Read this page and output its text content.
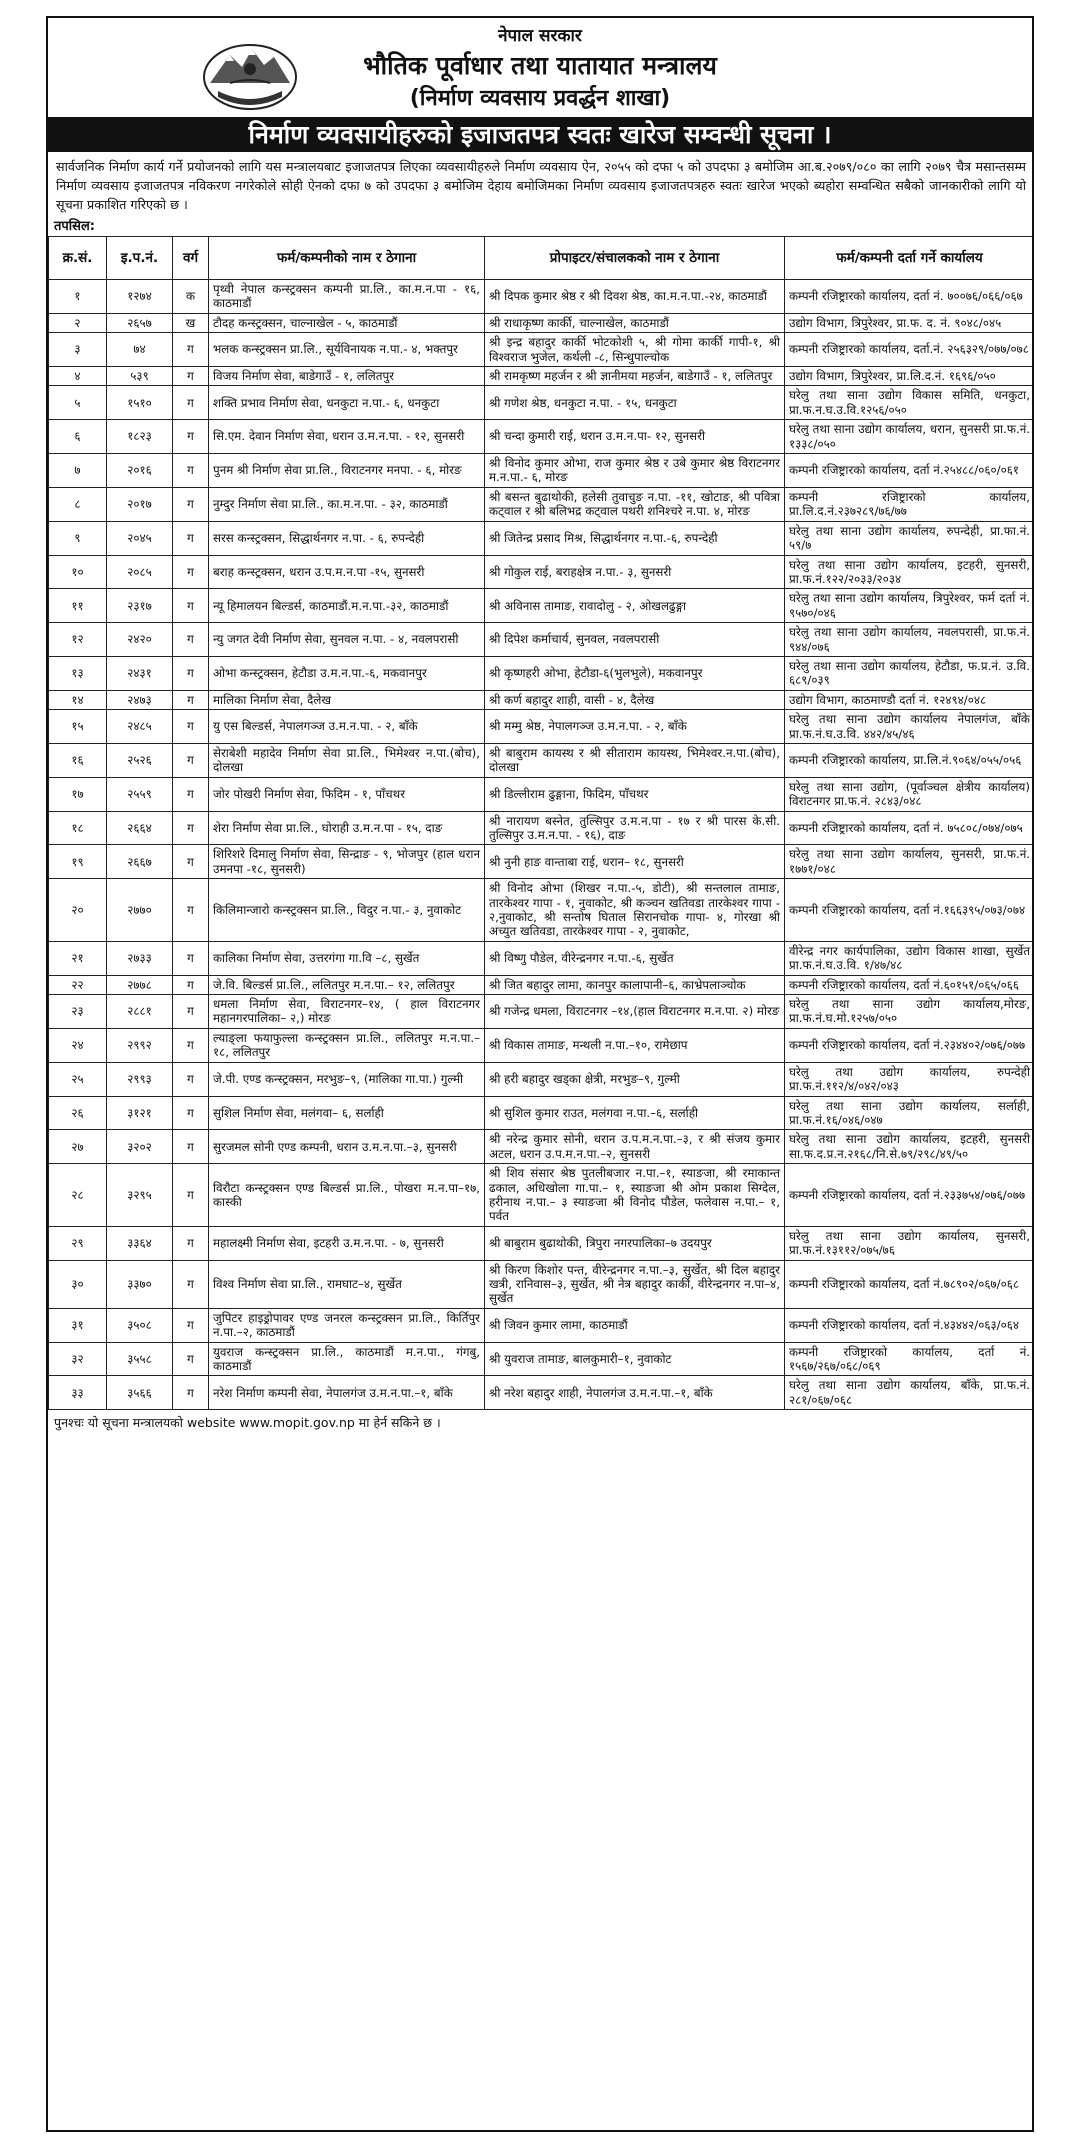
नेपाल सरकार
भौतिक पूर्वाधार तथा यातायात मन्त्रालय
(निर्माण व्यवसाय प्रवर्द्धन शाखा)
निर्माण व्यवसायीहरुको इजाजतपत्र स्वतः खारेज सम्वन्धी सूचना ।
सार्वजनिक निर्माण कार्य गर्ने प्रयोजनको लागि यस मन्त्रालयबाट इजाजतपत्र लिएका व्यवसायीहरुले निर्माण व्यवसाय ऐन, २०५५ को दफा ५ को उपदफा ३ बमोजिम आ.ब.२०७९/०८० का लागि २०७९ चैत्र मसान्तसम्म निर्माण व्यवसाय इजाजतपत्र नविकरण नगरेकोले सोही ऐनको दफा ७ को उपदफा ३ बमोजिम देहाय बमोजिमका निर्माण व्यवसाय इजाजतपत्रहरु स्वतः खारेज भएको ब्यहोरा सम्वन्धित सबैको जानकारीको लागि यो सूचना प्रकाशित गरिएको छ ।
तपसिल:
क्र.सं.	इ.प.नं.	वर्ग	फर्म/कम्पनीको नाम र ठेगाना	प्रोपाइटर/संचालकको नाम र ठेगाना	फर्म/कम्पनी दर्ता गर्ने कार्यालय
१	१२७४	क	पृथ्वी नेपाल कन्स्ट्रक्सन कम्पनी प्रा.लि., का.म.न.पा - १६, काठमाडौं	श्री दिपक कुमार श्रेष्ठ र श्री दिवश श्रेष्ठ, का.म.न.पा.-२४, काठमाडौं	कम्पनी रजिष्ट्रारको कार्यालय, दर्ता नं. ७००७६/०६६/०६७
२	२६५७	ख	टौदह कन्स्ट्रक्सन, चाल्नाखेल - ५, काठमाडौं	श्री राधाकृष्ण कार्की, चाल्नाखेल, काठमाडौं	उद्योग विभाग, त्रिपुरेश्वर, प्रा.फ. द. नं. ९०४८/०४५
३	७४	ग	भलक कन्स्ट्रक्सन प्रा.लि., सूर्यविनायक न.पा.- ४, भक्तपुर	श्री इन्द्र बहादुर कार्की भोटकोशी ५, श्री गोमा कार्की गापी-१, श्री विश्वराज भुजेल, कर्थली -८, सिन्धुपाल्चोक	कम्पनी रजिष्ट्रारको कार्यालय, दर्ता.नं. २५६३२९/०७७/०७८
४	५३९	ग	विजय निर्माण सेवा, बाडेगाउँ - १, ललितपुर	श्री रामकृष्ण महर्जन र श्री ज्ञानीमया महर्जन, बाडेगाउँ - १, ललितपुर	उद्योग विभाग, त्रिपुरेश्वर, प्रा.लि.द.नं. १६९६/०५०
५	१५१०	ग	शक्ति प्रभाव निर्माण सेवा, धनकुटा न.पा.- ६, धनकुटा	श्री गणेश श्रेष्ठ, धनकुटा न.पा. - १५, धनकुटा	घरेलु तथा साना उद्योग विकास समिति, धनकुटा, प्रा.फ.न.घ.उ.वि.१२५६/०५०
६	१८२३	ग	सि.एम. देवान निर्माण सेवा, धरान उ.म.न.पा. - १२, सुनसरी	श्री चन्दा कुमारी राई, धरान उ.म.न.पा- १२, सुनसरी	घरेलु तथा साना उद्योग कार्यालय, धरान, सुनसरी प्रा.फ.नं. १३३८/०५०
७	२०१६	ग	पुनम श्री निर्माण सेवा प्रा.लि., विराटनगर मनपा. - ६, मोरङ	श्री विनोद कुमार ओभा, राज कुमार श्रेष्ठ र उबे कुमार श्रेष्ठ विराटनगर म.न.पा.- ६, मोरङ	कम्पनी रजिष्ट्रारको कार्यालय, दर्ता नं.२५४८८/०६०/०६१
८	२०१७	ग	नुम्दुर निर्माण सेवा प्रा.लि., का.म.न.पा. - ३२, काठमाडौं	श्री बसन्त बुढाथोकी, हलेसी तुवाचुङ न.पा. -११, खोटाङ, श्री पवित्रा कट्वाल र श्री बलिभद्र कट्वाल पथरी शनिश्चरे न.पा. ४, मोरङ	कम्पनी रजिष्ट्रारको कार्यालय, प्रा.लि.द.नं.२३७२८९/७६/७७
९	२०४५	ग	सरस कन्स्ट्रक्सन, सिद्धार्थनगर न.पा. - ६, रुपन्देही	श्री जितेन्द्र प्रसाद मिश्र, सिद्धार्थनगर न.पा.-६, रुपन्देही	घरेलु तथा साना उद्योग कार्यालय, रुपन्देही, प्रा.फा.नं. ५९/७
१०	२०८५	ग	बराह कन्स्ट्रक्सन, धरान उ.प.म.न.पा -१५, सुनसरी	श्री गोकुल राई, बराहक्षेत्र न.पा.- ३, सुनसरी	घरेलु तथा साना उद्योग कार्यालय, इटहरी, सुनसरी, प्रा.फ.नं.१२२/२०३३/२०३४
११	२३१७	ग	न्यू हिमालयन बिल्डर्स, काठमाडौं.म.न.पा.-३२, काठमाडौं	श्री अविनास तामाङ, रावादोलु - २, ओखलढुङ्गा	घरेलु तथा साना उद्योग कार्यालय, त्रिपुरेश्वर, फर्म दर्ता नं. ९५७०/०४६
१२	२४२०	ग	न्यु जगत देवी निर्माण सेवा, सुनवल न.पा. - ४, नवलपरासी	श्री दिपेश कर्माचार्य, सुनवल, नवलपरासी	घरेलु तथा साना उद्योग कार्यालय, नवलपरासी, प्रा.फ.नं. ९४४/०७६
१३	२४३१	ग	ओभा कन्स्ट्रक्सन, हेटौडा उ.म.न.पा.-६, मकवानपुर	श्री कृष्णहरी ओभा, हेटौडा-६(भुलभुले), मकवानपुर	घरेलु तथा साना उद्योग कार्यालय, हेटौडा, फ.प्र.नं. उ.वि. ६८९/०३९
१४	२४७३	ग	मालिका निर्माण सेवा, दैलेख	श्री कर्ण बहादुर शाही, वासी - ४, दैलेख	उद्योग विभाग, काठमाण्डौ दर्ता नं. १२४९४/०४८
१५	२४८५	ग	यु एस बिल्डर्स, नेपालगञ्ज उ.म.न.पा. - २, बाँके	श्री मम्मु श्रेष्ठ, नेपालगञ्ज उ.म.न.पा. - २, बाँके	घरेलु तथा साना उद्योग कार्यालय नेपालगंज, बाँके प्रा.फ.नं.घ.उ.वि. ४४२/४५/४६
१६	२५२६	ग	सेराबेशी महादेव निर्माण सेवा प्रा.लि., भिमेश्वर न.पा.(बोच), दोलखा	श्री बाबुराम कायस्थ र श्री सीताराम कायस्थ, भिमेश्वर.न.पा.(बोच), दोलखा	कम्पनी रजिष्ट्रारको कार्यालय, प्रा.लि.नं.९०६४/०५५/०५६
१७	२५५९	ग	जोर पोखरी निर्माण सेवा, फिदिम - १, पाँचथर	श्री डिल्लीराम ढुङ्गाना, फिदिम, पाँचथर	घरेलु तथा साना उद्योग, (पूर्वाञ्चल क्षेत्रीय कार्यालय) विराटनगर प्रा.फ.नं. २८४३/०४८
१८	२६६४	ग	शेरा निर्माण सेवा प्रा.लि., घोराही उ.म.न.पा - १५, दाङ	श्री नारायण बस्नेत, तुल्सिपुर उ.म.न.पा - १७ र श्री पारस के.सी. तुल्सिपुर उ.म.न.पा. - १६), दाङ	कम्पनी रजिष्ट्रारको कार्यालय, दर्ता नं. ७५८०८/०७४/०७५
१९	२६६७	ग	शिरिशरे दिमालु निर्माण सेवा, सिन्द्राङ - ९, भोजपुर (हाल धरान उमनपा -१८, सुनसरी)	श्री नुनी हाङ वान्ताबा राई, धरान– १८, सुनसरी	घरेलु तथा साना उद्योग कार्यालय, सुनसरी, प्रा.फ.नं. १७७१/०४८
२०	२७७०	ग	किलिमान्जारो कन्स्ट्रक्सन प्रा.लि., विदुर न.पा.- ३, नुवाकोट	श्री विनोद ओभा (शिखर न.पा.-५, डोटी), श्री सन्तलाल तामाङ, तारकेश्वर गापा - १, नुवाकोट, श्री कञ्चन खतिवडा तारकेश्वर गापा - २,नुवाकोट, श्री सन्तोष घिताल सिरानचोक गापा- ४, गोरखा श्री अच्युत खतिवडा, तारकेश्वर गापा - २, नुवाकोट,	कम्पनी रजिष्ट्रारको कार्यालय, दर्ता नं.१६६३९५/०७३/०७४
२१	२७३३	ग	कालिका निर्माण सेवा, उत्तरगंगा गा.वि –८, सुर्खेत	श्री विष्णु पौडेल, वीरेन्द्रनगर न.पा.-६, सुर्खेत	वीरेन्द्र नगर कार्यपालिका, उद्योग विकास शाखा, सुर्खेत प्रा.फ.नं.घ.उ.वि. १/४७/४८
२२	२७७८	ग	जे.वि. बिल्डर्स प्रा.लि., ललितपुर म.न.पा.– १२, ललितपुर	श्री जित बहादुर लामा, कानपुर कालापानी–६, काभ्रेपलाञ्चोक	कम्पनी रजिष्ट्रारको कार्यालय, दर्ता नं.६०१५१/०६५/०६६
२३	२८८१	ग	धमला निर्माण सेवा, विराटनगर–१४, ( हाल विराटनगर महानगरपालिका– २,) मोरङ	श्री गजेन्द्र धमला, विराटनगर –१४,(हाल विराटनगर म.न.पा. २) मोरङ	घरेलु तथा साना उद्योग कार्यालय,मोरङ, प्रा.फ.नं.घ.मो.१२५७/०५०
२४	२९९२	ग	ल्याङ्ला फयाफुल्ला कन्स्ट्रक्सन प्रा.लि., ललितपुर म.न.पा.–१८, ललितपुर	श्री विकास तामाङ, मन्थली न.पा.–१०, रामेछाप	कम्पनी रजिष्ट्रारको कार्यालय, दर्ता नं.२३४४०२/०७६/०७७
२५	२९९३	ग	जे.पी. एण्ड कन्स्ट्रक्सन, मरभुङ–९, (मालिका गा.पा.) गुल्मी	श्री हरी बहादुर खड्का क्षेत्री, मरभुङ–९, गुल्मी	घरेलु तथा उद्योग कार्यालय, रुपन्देही प्रा.फ.नं.११२/४/०४२/०४३
२६	३१२१	ग	सुशिल निर्माण सेवा, मलंगवा– ६, सर्लाही	श्री सुशिल कुमार राउत, मलंगवा न.पा.–६, सर्लाही	घरेलु तथा साना उद्योग कार्यालय, सर्लाही, प्रा.फ.नं.१६/०४६/०४७
२७	३२०२	ग	सुरजमल सोनी एण्ड कम्पनी, धरान उ.म.न.पा.–३, सुनसरी	श्री नरेन्द्र कुमार सोनी, धरान उ.प.म.न.पा.–३, र श्री संजय कुमार अटल, धरान उ.प.म.न.पा.–२, सुनसरी	घरेलु तथा साना उद्योग कार्यालय, इटहरी, सुनसरी सा.फ.द.प्र.न.२१६८/नि.से.७९/२९८/४९/५०
२८	३२९५	ग	विरौटा कन्स्ट्रक्सन एण्ड बिल्डर्स प्रा.लि., पोखरा म.न.पा–१७, कास्की	श्री शिव संसार श्रेष्ठ पुतलीबजार न.पा.–१, स्याङजा, श्री रमाकान्त ढकाल, अधिखोला गा.पा.– १, स्याङजा श्री ओम प्रकाश सिग्देल, हरीनाथ न.पा.– ३ स्याङजा श्री विनोद पौडेल, फलेवास न.पा.– १, पर्वत	कम्पनी रजिष्ट्रारको कार्यालय, दर्ता नं.२३३७५४/०७६/०७७
२९	३३६४	ग	महालक्ष्मी निर्माण सेवा, इटहरी उ.म.न.पा. - ७, सुनसरी	श्री बाबुराम बुढाथोकी, त्रिपुरा नगरपालिका–७ उदयपुर	घरेलु तथा साना उद्योग कार्यालय, सुनसरी, प्रा.फ.नं.१३११२/०७५/७६
३०	३३७०	ग	विश्व निर्माण सेवा प्रा.लि., रामघाट–४, सुर्खेत	श्री किरण किशोर पन्त, वीरेन्द्रनगर न.पा.–३, सुर्खेत, श्री दिल बहादुर खत्री, रानिवास–३, सुर्खेत, श्री नेत्र बहादुर कार्की, वीरेन्द्रनगर न.पा–४, सुर्खेत	कम्पनी रजिष्ट्रारको कार्यालय, दर्ता नं.७८९०२/०६७/०६८
३१	३५०८	ग	जुपिटर हाइड्रोपावर एण्ड जनरल कन्स्ट्रक्सन प्रा.लि., किर्तिपुर न.पा.–२, काठमाडौं	श्री जिवन कुमार लामा, काठमाडौं	कम्पनी रजिष्ट्रारको कार्यालय, दर्ता नं.४३४४२/०६३/०६४
३२	३५५८	ग	युवराज कन्स्ट्रक्सन प्रा.लि., काठमाडौं म.न.पा., गंगबु, काठमाडौं	श्री युवराज तामाङ, बालकुमारी–१, नुवाकोट	कम्पनी रजिष्ट्रारको कार्यालय, दर्ता नं. १५६७/२६७/०६८/०६९
३३	३५६६	ग	नरेश निर्माण कम्पनी सेवा, नेपालगंज उ.म.न.पा.–१, बाँके	श्री नरेश बहादुर शाही, नेपालगंज उ.म.न.पा.–१, बाँके	घरेलु तथा साना उद्योग कार्यालय, बाँके, प्रा.फ.नं. २८१/०६७/०६८
पुनश्चः यो सूचना मन्त्रालयको website www.mopit.gov.np मा हेर्न सकिने छ ।
